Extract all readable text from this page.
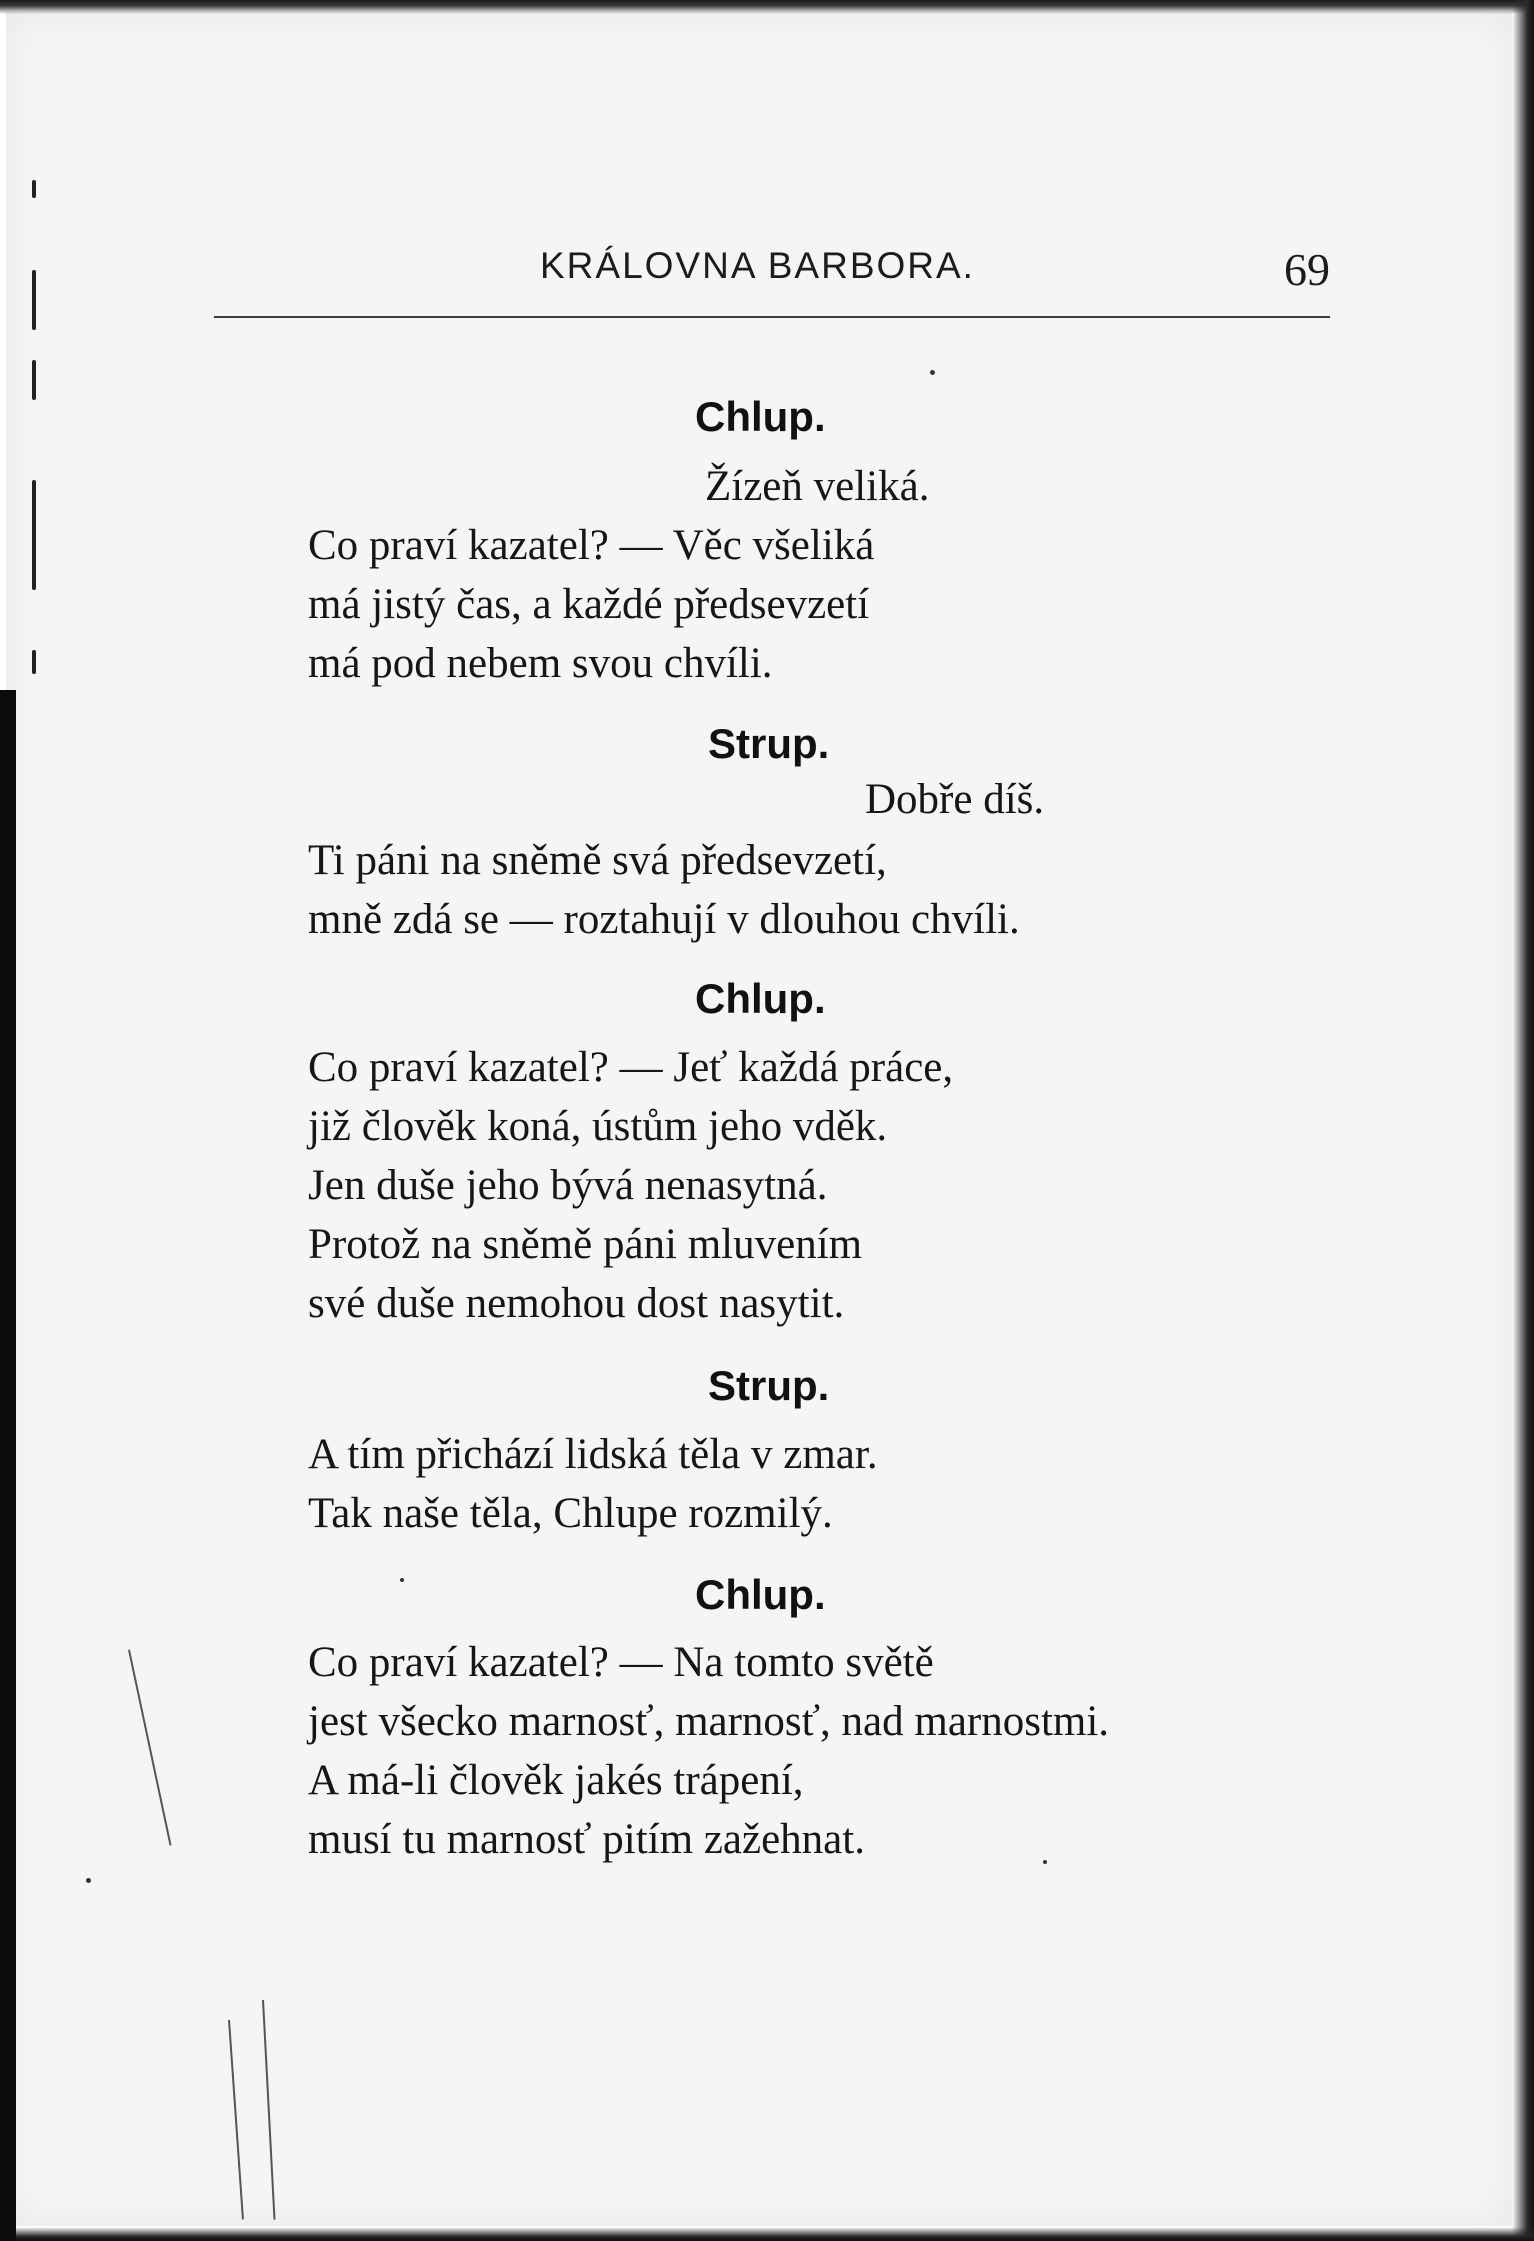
KRÁLOVNA BARBORA.	69
Chlup.
Žízeň veliká.
Co praví kazatel? — Věc všeliká
má jistý čas, a každé předsevzetí
má pod nebem svou chvíli.
Strup.
Dobře díš.
Ti páni na sněmě svá předsevzetí,
mně zdá se — roztahují v dlouhou chvíli.
Chlup.
Co praví kazatel? — Jeť každá práce,
již člověk koná, ústům jeho vděk.
Jen duše jeho bývá nenasytná.
Protož na sněmě páni mluvením
své duše nemohou dost nasytit.
Strup.
A tím přichází lidská těla v zmar.
Tak naše těla, Chlupe rozmilý.
Chlup.
Co praví kazatel? — Na tomto světě
jest všecko marnosť, marnosť, nad marnostmi.
A má-li člověk jakés trápení,
musí tu marnosť pitím zažehnat.
